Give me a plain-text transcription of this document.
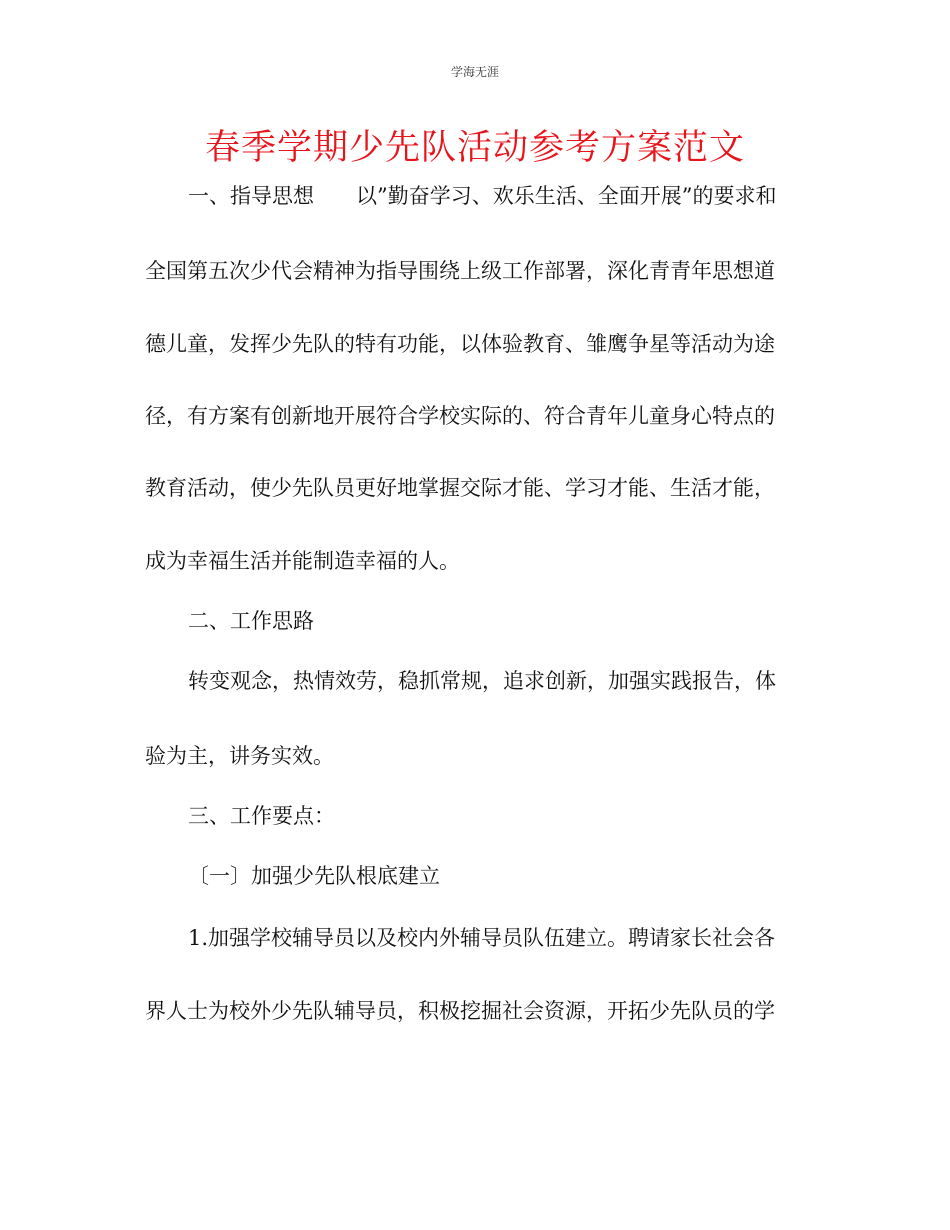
学海无涯
春季学期少先队活动参考方案范文
一、指导思想　　以”勤奋学习、欢乐生活、全面开展”的要求和
全国第五次少代会精神为指导围绕上级工作部署，深化青青年思想道
德儿童，发挥少先队的特有功能，以体验教育、雏鹰争星等活动为途
径，有方案有创新地开展符合学校实际的、符合青年儿童身心特点的
教育活动，使少先队员更好地掌握交际才能、学习才能、生活才能，
成为幸福生活并能制造幸福的人。
二、工作思路
转变观念，热情效劳，稳抓常规，追求创新，加强实践报告，体
验为主，讲务实效。
三、工作要点：
〔一〕加强少先队根底建立
1.加强学校辅导员以及校内外辅导员队伍建立。聘请家长社会各
界人士为校外少先队辅导员，积极挖掘社会资源，开拓少先队员的学
